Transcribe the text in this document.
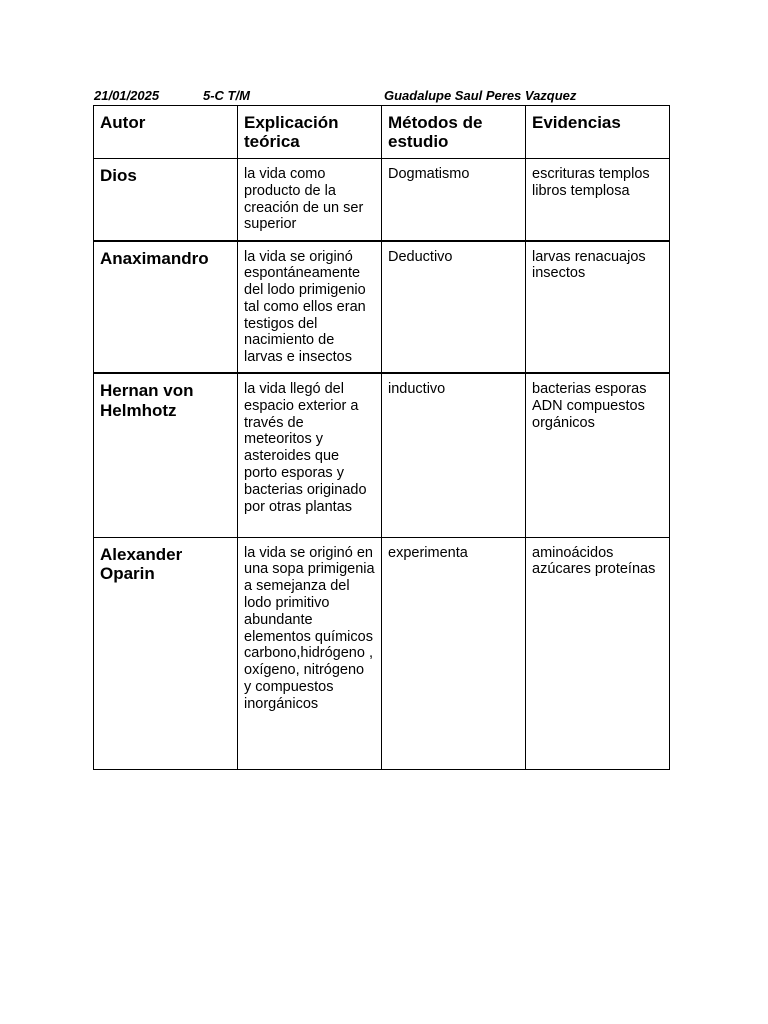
21/01/2025	5-C T/M	Guadalupe Saul Peres Vazquez
Autor	Explicación teórica	Métodos de estudio	Evidencias
Dios	la vida como producto de la creación de un ser superior	Dogmatismo	escrituras templos libros templosa
Anaximandro	la vida se originó espontáneamente del lodo primigenio tal como ellos eran testigos del nacimiento de larvas e insectos	Deductivo	larvas renacuajos insectos
Hernan von Helmhotz	la vida llegó del espacio exterior a través de meteoritos y asteroides que porto esporas y bacterias originado por otras plantas	inductivo	bacterias esporas ADN compuestos orgánicos
Alexander Oparin	la vida se originó en una sopa primigenia a semejanza del lodo primitivo abundante elementos químicos carbono,hidrógeno , oxígeno, nitrógeno y compuestos inorgánicos	experimenta	aminoácidos azúcares proteínas
